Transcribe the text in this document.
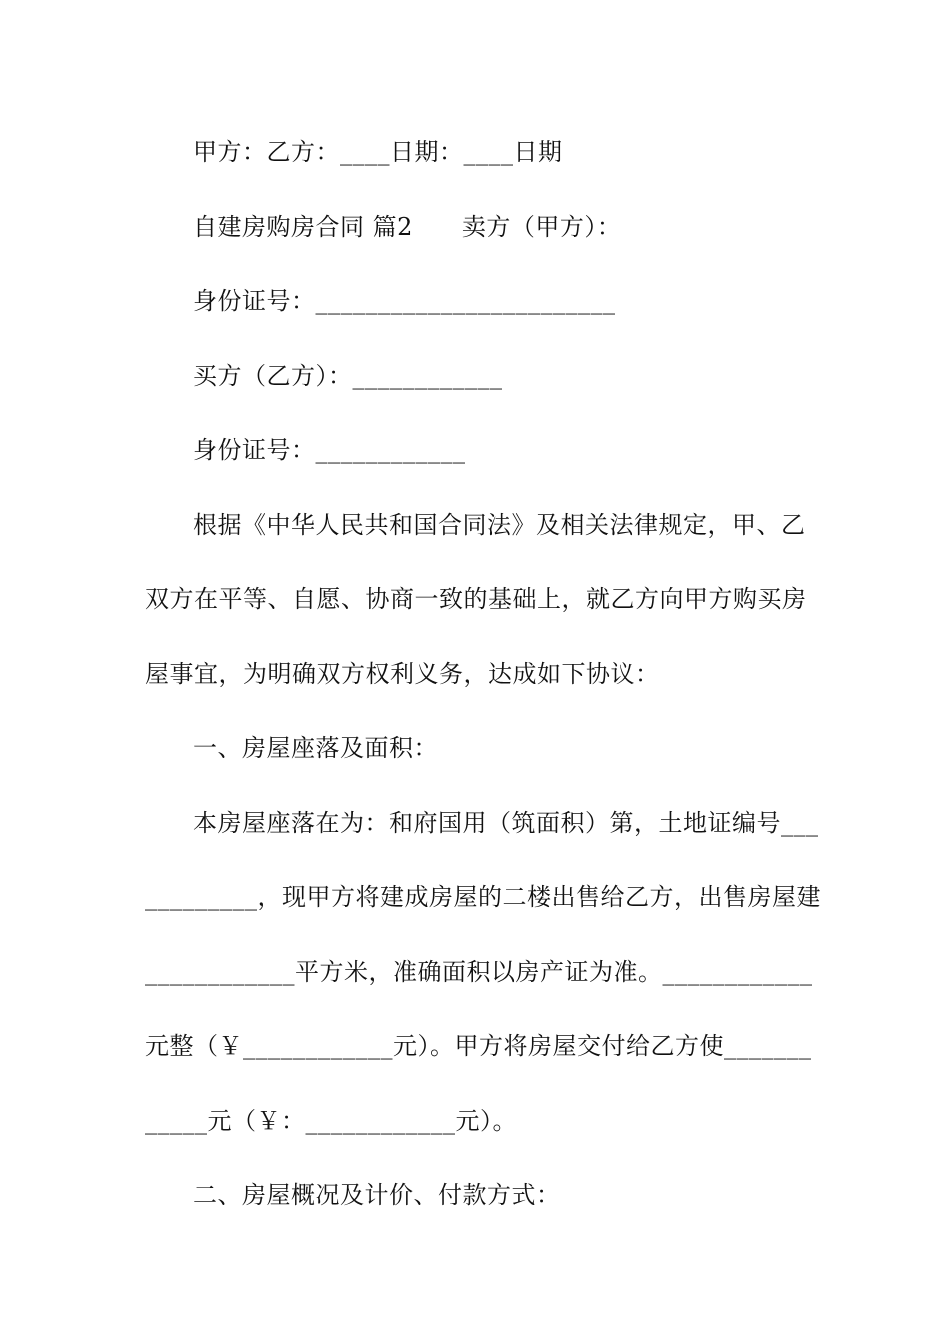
甲方：乙方：____日期：____日期
自建房购房合同 篇2　　卖方（甲方）：
身份证号：________________________
买方（乙方）：____________
身份证号：____________
根据《中华人民共和国合同法》及相关法律规定，甲、乙
双方在平等、自愿、协商一致的基础上，就乙方向甲方购买房
屋事宜，为明确双方权利义务，达成如下协议：
一、房屋座落及面积：
本房屋座落在为：和府国用（筑面积）第，土地证编号___
_________，现甲方将建成房屋的二楼出售给乙方，出售房屋建
____________平方米，准确面积以房产证为准。____________
元整（￥____________元）。甲方将房屋交付给乙方使_______
_____元（￥：____________元）。
二、房屋概况及计价、付款方式：
